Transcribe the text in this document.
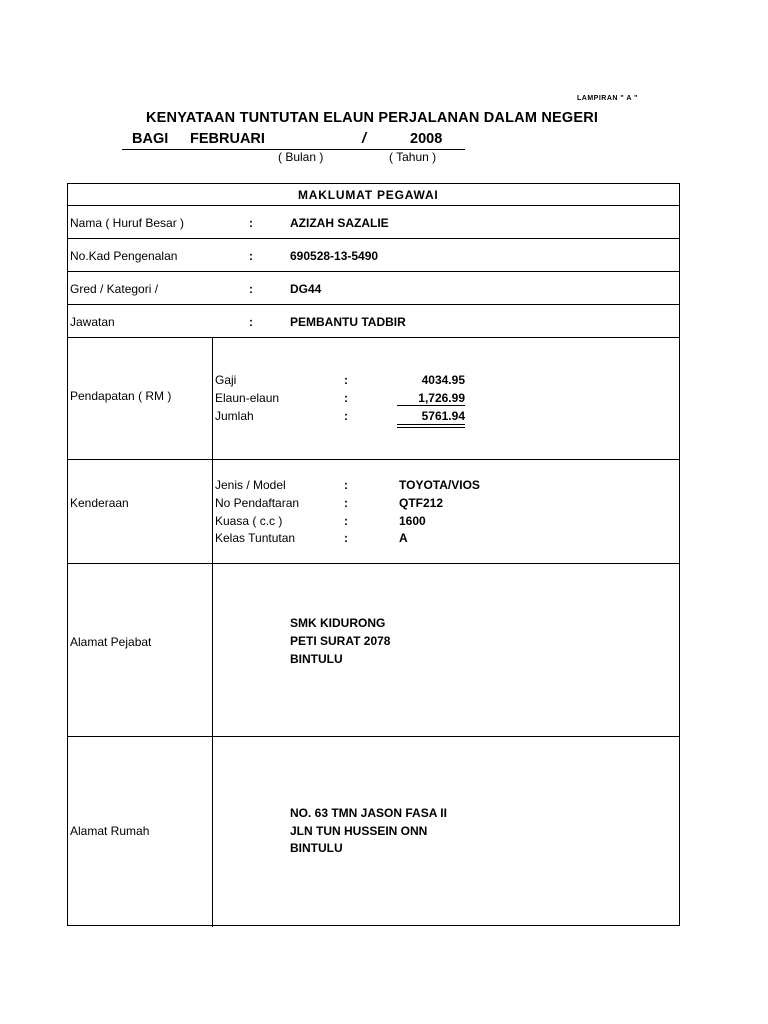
LAMPIRAN " A "
KENYATAAN TUNTUTAN ELAUN PERJALANAN DALAM NEGERI
BAGI FEBRUARI	/	2008
( Bulan )	( Tahun )
MAKLUMAT PEGAWAI
Nama ( Huruf Besar )	:	AZIZAH SAZALIE
No.Kad Pengenalan	:	690528-13-5490
Gred / Kategori /	:	DG44
Jawatan	:	PEMBANTU TADBIR
Pendapatan ( RM )
Gaji	:	4034.95
Elaun-elaun	:	1,726.99
Jumlah	:	5761.94
Kenderaan
Jenis / Model	:	TOYOTA/VIOS
No Pendaftaran	:	QTF212
Kuasa ( c.c )	:	1600
Kelas Tuntutan	:	A
Alamat Pejabat
SMK KIDURONG
PETI SURAT 2078
BINTULU
Alamat Rumah
NO. 63 TMN JASON FASA II
JLN TUN HUSSEIN ONN
BINTULU
